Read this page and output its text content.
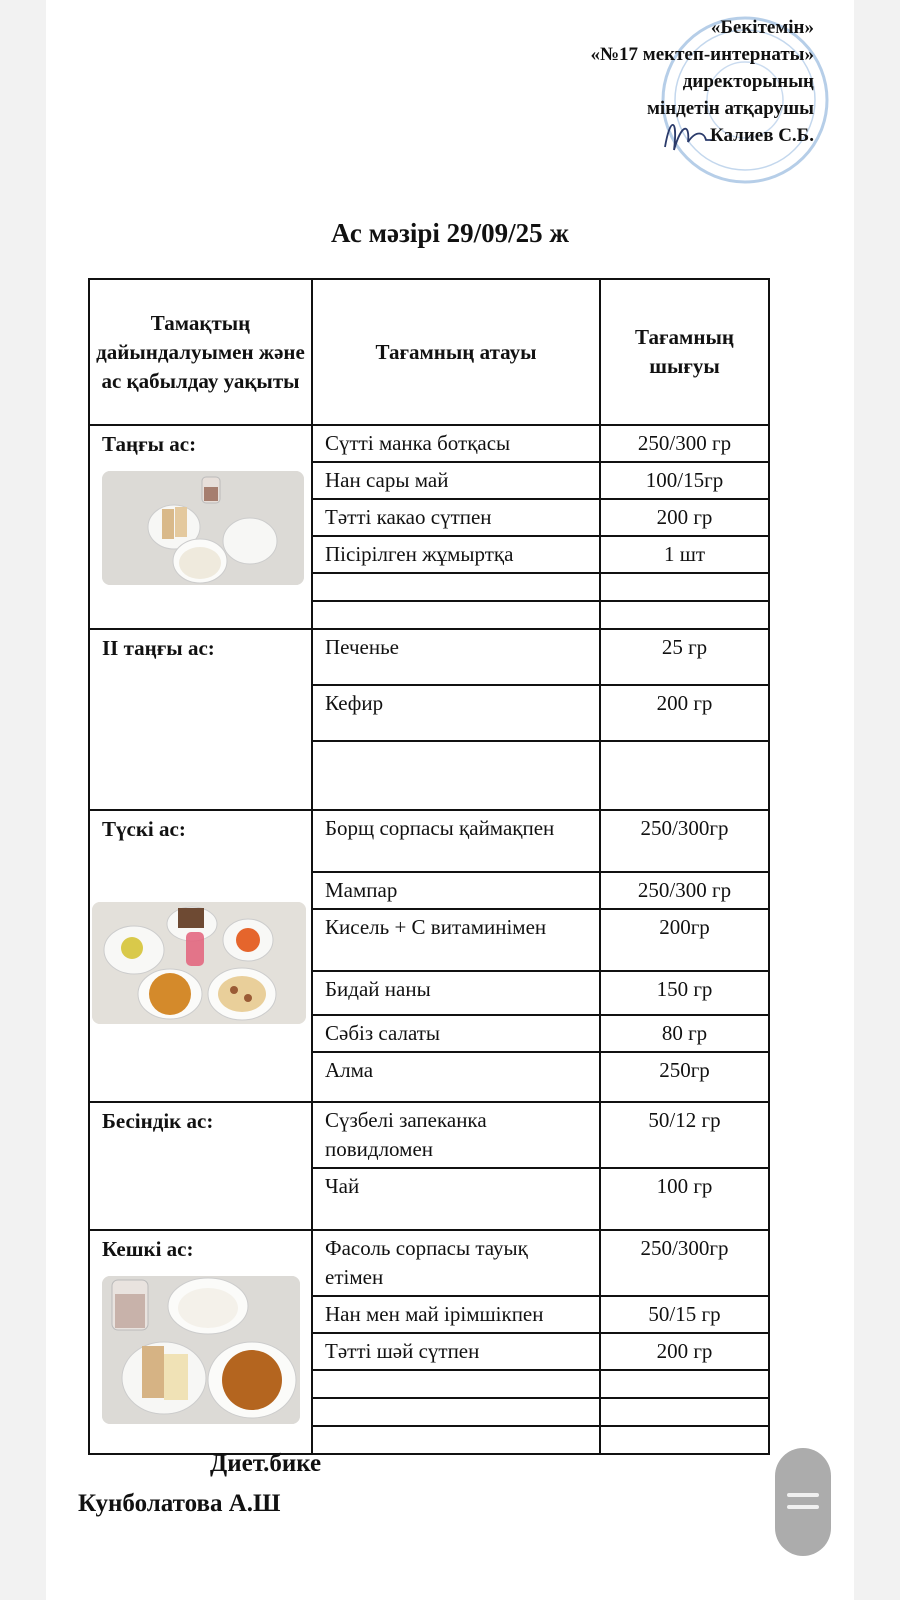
«Бекітемін»
«№17 мектеп-интернаты»
директорының
міндетін атқарушы
Калиев С.Б.
Ас мәзірі 29/09/25 ж
Тамақтың дайындалуымен және ас қабылдау уақыты	Тағамның атауы	Тағамның шығуы

Таңғы ас:	Сүтті манка ботқасы	250/300 гр
	Нан сары май	100/15гр
	Тәтті какао сүтпен	200 гр
	Пісірілген жұмыртқа	1 шт

II таңғы ас:	Печенье	25 гр
	Кефир	200 гр

Түскі ас:	Борщ сорпасы қаймақпен	250/300гр
	Мампар	250/300 гр
	Кисель + С витаминімен	200гр
	Бидай наны	150 гр
	Сәбіз салаты	80 гр
	Алма	250гр

Бесіндік ас:	Сүзбелі запеканка повидломен	50/12 гр
	Чай	100 гр

Кешкі ас:	Фасоль сорпасы тауық етімен	250/300гр
	Нан мен май ірімшікпен	50/15 гр
	Тәтті шәй сүтпен	200 гр

Диет.бике
Кунболатова А.Ш
